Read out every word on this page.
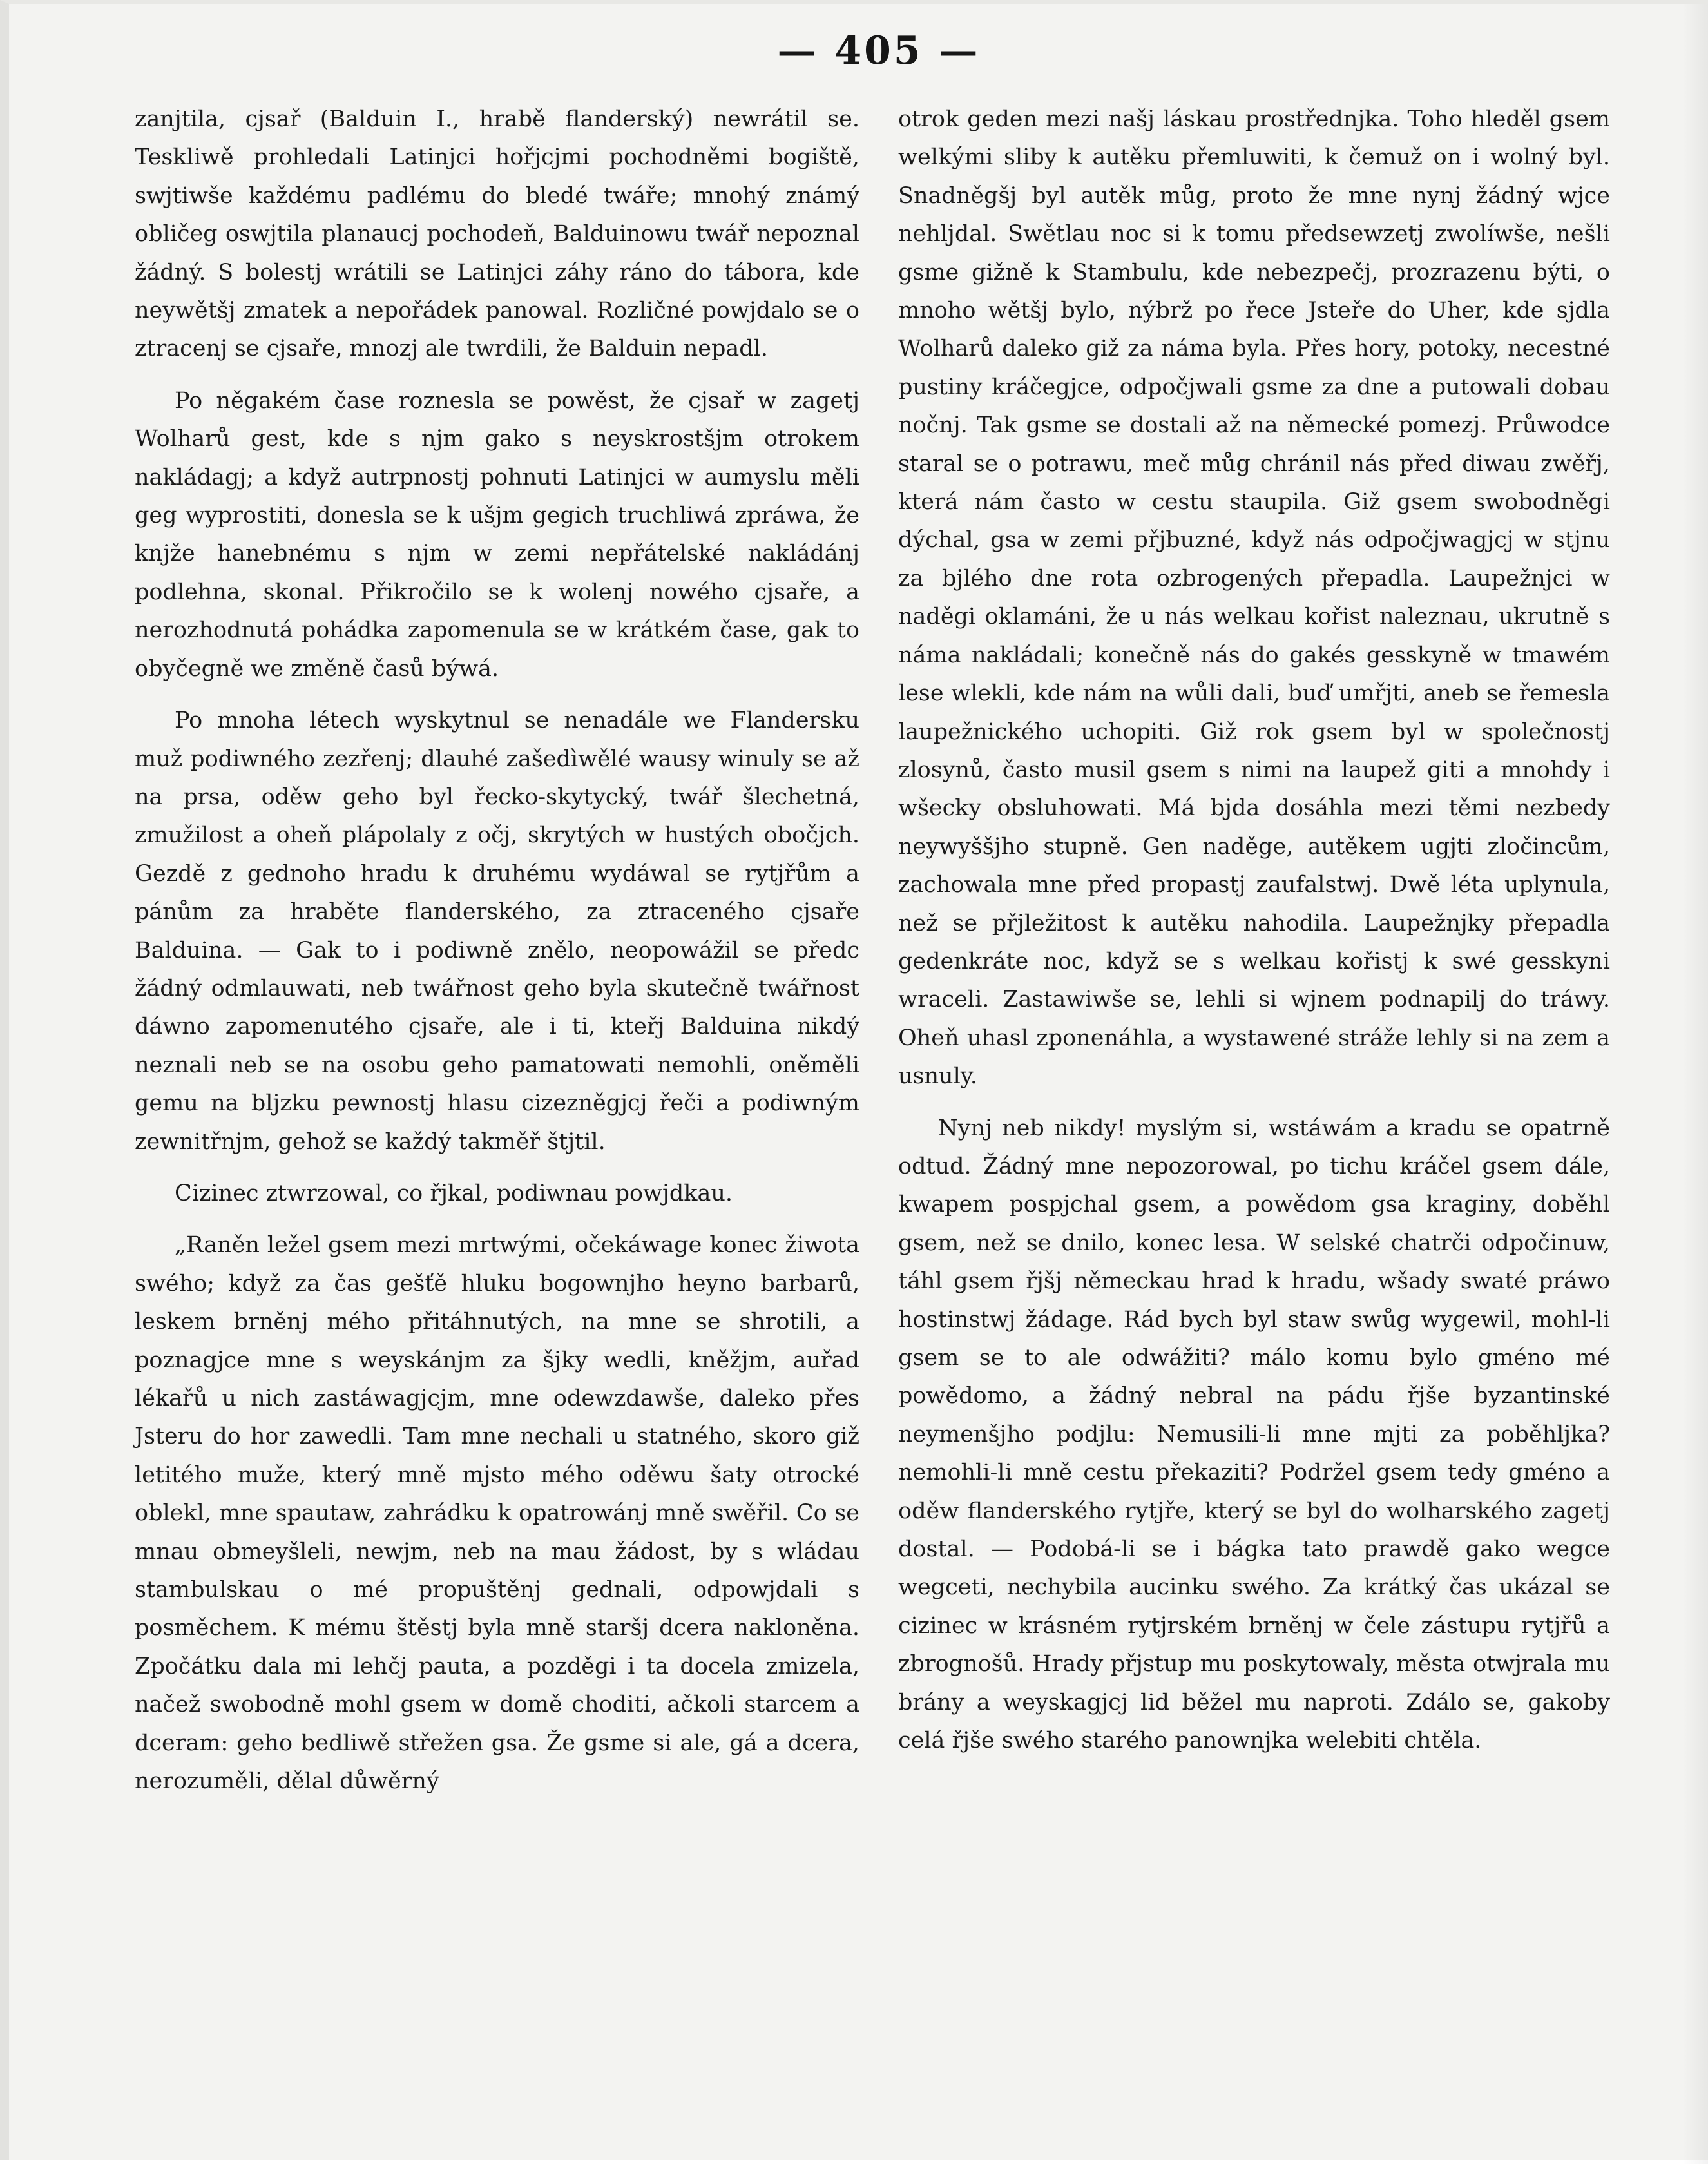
— 405 —

zanjtila, cjsař (Balduin I., hrabě flanderský) newrátil se. Teskliwě prohledali Latinjci hořjcjmi pochodněmi bogiště, swjtiwše každému padlému do bledé twáře; mnohý známý obličeg oswjtila planaucj pochodeň, Balduinowu twář nepoznal žádný. S bolestj wrátili se Latinjci záhy ráno do tábora, kde neywětšj zmatek a nepořádek panowal. Rozličné powjdalo se o ztracenj se cjsaře, mnozj ale twrdili, že Balduin nepadl.

Po něgakém čase roznesla se powěst, že cjsař w zagetj Wolharů gest, kde s njm gako s neyskrostšjm otrokem nakládagj; a když autrpnostj pohnuti Latinjci w aumyslu měli geg wyprostiti, donesla se k ušjm gegich truchliwá zpráwa, že knjže hanebnému s njm w zemi nepřátelské nakládánj podlehna, skonal. Přikročilo se k wolenj nowého cjsaře, a nerozhodnutá pohádka zapomenula se w krátkém čase, gak to obyčegně we změně časů býwá.

Po mnoha létech wyskytnul se nenadále we Flandersku muž podiwného zezřenj; dlauhé zašedìwělé wausy winuly se až na prsa, oděw geho byl řecko-skytycký, twář šlechetná, zmužilost a oheň plápolaly z očj, skrytých w hustých obočjch. Gezdě z gednoho hradu k druhému wydáwal se rytjřům a pánům za hraběte flanderského, za ztraceného cjsaře Balduina. — Gak to i podiwně znělo, neopowážil se předc žádný odmlauwati, neb twářnost geho byla skutečně twářnost dáwno zapomenutého cjsaře, ale i ti, kteřj Balduina nikdý neznali neb se na osobu geho pamatowati nemohli, oněměli gemu na bljzku pewnostj hlasu cizezněgjcj řeči a podiwným zewnitřnjm, gehož se každý takměř štjtil.

Cizinec ztwrzowal, co řjkal, podiwnau powjdkau.

„Raněn ležel gsem mezi mrtwými, očekáwage konec žiwota swého; když za čas gešťě hluku bogownjho heyno barbarů, leskem brněnj mého přitáhnutých, na mne se shrotili, a poznagjce mne s weyskánjm za šjky wedli, kněžjm, auřad lékařů u nich zastáwagjcjm, mne odewzdawše, daleko přes Jsteru do hor zawedli. Tam mne nechali u statného, skoro giž letitého muže, který mně mjsto mého oděwu šaty otrocké oblekl, mne spautaw, zahrádku k opatrowánj mně swěřil. Co se mnau obmeyšleli, newjm, neb na mau žádost, by s wládau stambulskau o mé propuštěnj gednali, odpowjdali s posměchem. K mému štěstj byla mně staršj dcera nakloněna. Zpočátku dala mi lehčj pauta, a pozděgi i ta docela zmizela, načež swobodně mohl gsem w domě choditi, ačkoli starcem a dceram: geho bedliwě střežen gsa. Že gsme si ale, gá a dcera, nerozuměli, dělal důwěrný

otrok geden mezi našj láskau prostřednjka. Toho hleděl gsem welkými sliby k autěku přemluwiti, k čemuž on i wolný byl. Snadněgšj byl autěk můg, proto že mne nynj žádný wjce nehljdal. Swětlau noc si k tomu předsewzetj zwolíwše, nešli gsme gižně k Stambulu, kde nebezpečj, prozrazenu býti, o mnoho wětšj bylo, nýbrž po řece Jsteře do Uher, kde sjdla Wolharů daleko giž za náma byla. Přes hory, potoky, necestné pustiny kráčegjce, odpočjwali gsme za dne a putowali dobau nočnj. Tak gsme se dostali až na německé pomezj. Průwodce staral se o potrawu, meč můg chránil nás před diwau zwěřj, která nám často w cestu staupila. Giž gsem swobodněgi dýchal, gsa w zemi přjbuzné, když nás odpočjwagjcj w stjnu za bjlého dne rota ozbrogených přepadla. Laupežnjci w naděgi oklamáni, že u nás welkau kořist naleznau, ukrutně s náma nakládali; konečně nás do gakés gesskyně w tmawém lese wlekli, kde nám na wůli dali, buď umřjti, aneb se řemesla laupežnického uchopiti. Giž rok gsem byl w společnostj zlosynů, často musil gsem s nimi na laupež giti a mnohdy i wšecky obsluhowati. Má bjda dosáhla mezi těmi nezbedy neywyššjho stupně. Gen naděge, autěkem ugjti zločincům, zachowala mne před propastj zaufalstwj. Dwě léta uplynula, než se přjležitost k autěku nahodila. Laupežnjky přepadla gedenkráte noc, když se s welkau kořistj k swé gesskyni wraceli. Zastawiwše se, lehli si wjnem podnapilj do tráwy. Oheň uhasl zponenáhla, a wystawené stráže lehly si na zem a usnuly.

Nynj neb nikdy! myslým si, wstáwám a kradu se opatrně odtud. Žádný mne nepozorowal, po tichu kráčel gsem dále, kwapem pospjchal gsem, a powědom gsa kraginy, doběhl gsem, než se dnilo, konec lesa. W selské chatrči odpočinuw, táhl gsem řjšj německau hrad k hradu, wšady swaté práwo hostinstwj žádage. Rád bych byl staw swůg wygewil, mohl-li gsem se to ale odwážiti? málo komu bylo gméno mé powědomo, a žádný nebral na pádu řjše byzantinské neymenšjho podjlu: Nemusili-li mne mjti za poběhljka? nemohli-li mně cestu překaziti? Podržel gsem tedy gméno a oděw flanderského rytjře, který se byl do wolharského zagetj dostal. — Podobá-li se i bágka tato prawdě gako wegce wegceti, nechybila aucinku swého. Za krátký čas ukázal se cizinec w krásném rytjrském brněnj w čele zástupu rytjřů a zbrognošů. Hrady přjstup mu poskytowaly, města otwjrala mu brány a weyskagjcj lid běžel mu naproti. Zdálo se, gakoby celá řjše swého starého panownjka welebiti chtěla.
